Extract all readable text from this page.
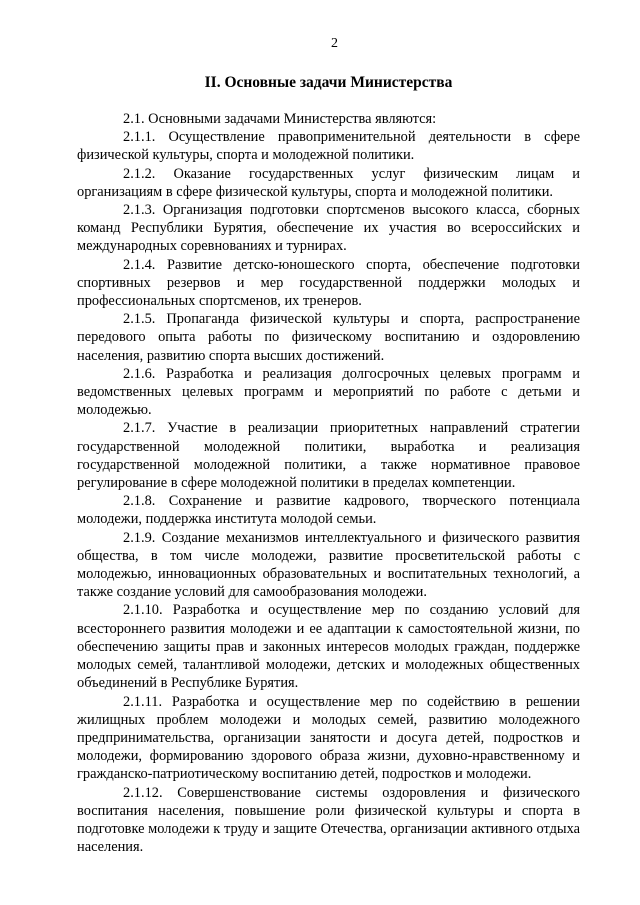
2
II. Основные задачи Министерства

2.1. Основными задачами Министерства являются:

2.1.1. Осуществление правоприменительной деятельности в сфере физической культуры, спорта и молодежной политики.

2.1.2. Оказание государственных услуг физическим лицам и организациям в сфере физической культуры, спорта и молодежной политики.

2.1.3. Организация подготовки спортсменов высокого класса, сборных команд Республики Бурятия, обеспечение их участия во всероссийских и международных соревнованиях и турнирах.

2.1.4. Развитие детско-юношеского спорта, обеспечение подготовки спортивных резервов и мер государственной поддержки молодых и профессиональных спортсменов, их тренеров.

2.1.5. Пропаганда физической культуры и спорта, распространение передового опыта работы по физическому воспитанию и оздоровлению населения, развитию спорта высших достижений.

2.1.6. Разработка и реализация долгосрочных целевых программ и ведомственных целевых программ и мероприятий по работе с детьми и молодежью.

2.1.7. Участие в реализации приоритетных направлений стратегии государственной молодежной политики, выработка и реализация государственной молодежной политики, а также нормативное правовое регулирование в сфере молодежной политики в пределах компетенции.

2.1.8. Сохранение и развитие кадрового, творческого потенциала молодежи, поддержка института молодой семьи.

2.1.9. Создание механизмов интеллектуального и физического развития общества, в том числе молодежи, развитие просветительской работы с молодежью, инновационных образовательных и воспитательных технологий, а также создание условий для самообразования молодежи.

2.1.10. Разработка и осуществление мер по созданию условий для всестороннего развития молодежи и ее адаптации к самостоятельной жизни, по обеспечению защиты прав и законных интересов молодых граждан, поддержке молодых семей, талантливой молодежи, детских и молодежных общественных объединений в Республике Бурятия.

2.1.11. Разработка и осуществление мер по содействию в решении жилищных проблем молодежи и молодых семей, развитию молодежного предпринимательства, организации занятости и досуга детей, подростков и молодежи, формированию здорового образа жизни, духовно-нравственному и гражданско-патриотическому воспитанию детей, подростков и молодежи.

2.1.12. Совершенствование системы оздоровления и физического воспитания населения, повышение роли физической культуры и спорта в подготовке молодежи к труду и защите Отечества, организации активного отдыха населения.
